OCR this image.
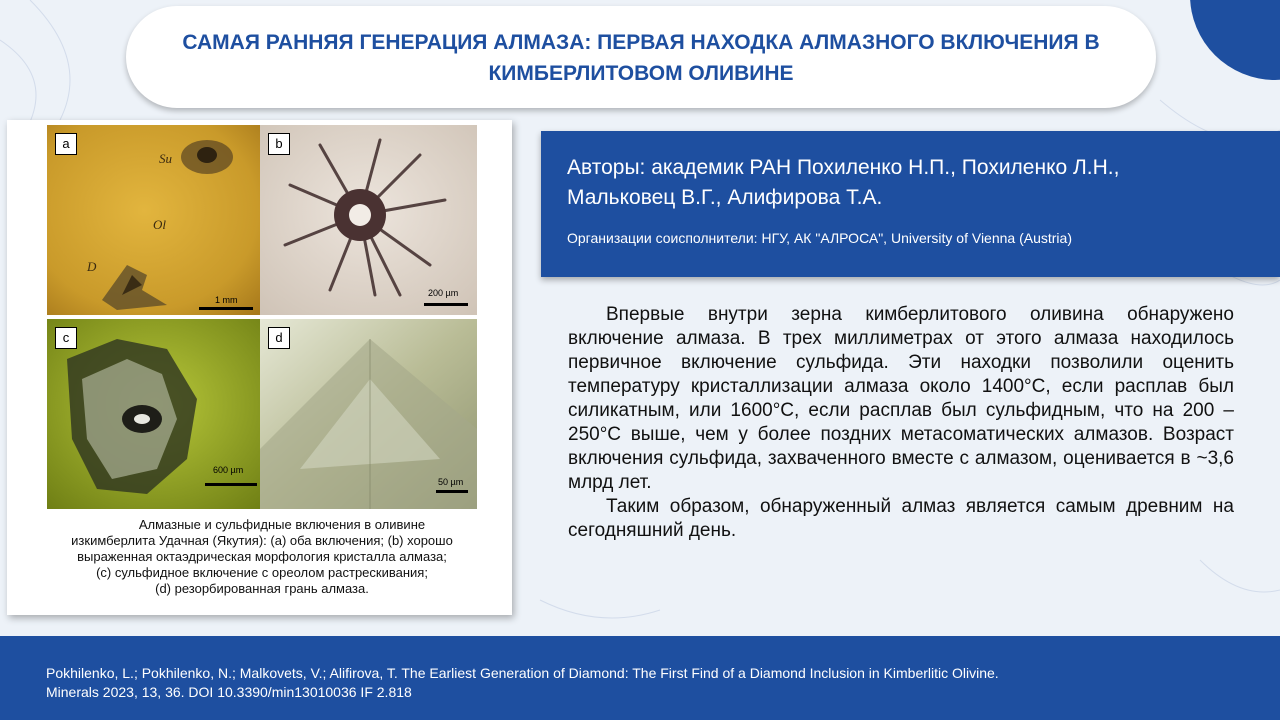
САМАЯ РАННЯЯ ГЕНЕРАЦИЯ АЛМАЗА: ПЕРВАЯ НАХОДКА АЛМАЗНОГО ВКЛЮЧЕНИЯ В КИМБЕРЛИТОВОМ ОЛИВИНЕ
a
Su
Ol
D
1 mm
b
200 µm
c
600 µm
d
50 µm
Алмазные и сульфидные включения в оливине
изкимберлита Удачная (Якутия): (а) оба включения; (b) хорошо
выраженная октаэдрическая морфология кристалла алмаза;
(c) сульфидное включение с ореолом растрескивания;
(d) резорбированная грань алмаза.
Авторы: академик РАН Похиленко Н.П., Похиленко Л.Н.,
Мальковец В.Г., Алифирова Т.А.
Организации соисполнители: НГУ, АК "АЛРОСА", University of Vienna (Austria)

Впервые внутри зерна кимберлитового оливина обнаружено включение алмаза. В трех миллиметрах от этого алмаза находилось первичное включение сульфида. Эти находки позволили оценить температуру кристаллизации алмаза около 1400°С, если расплав был силикатным, или 1600°С, если расплав был сульфидным, что на 200 – 250°С выше, чем у более поздних метасоматических алмазов. Возраст включения сульфида, захваченного вместе с алмазом, оценивается в ~3,6 млрд лет.

Таким образом, обнаруженный алмаз является самым древним на сегодняшний день.

Pokhilenko, L.; Pokhilenko, N.; Malkovets, V.; Alifirova, T. The Earliest Generation of Diamond: The First Find of a Diamond Inclusion in Kimberlitic Olivine.
Minerals 2023, 13, 36. DOI 10.3390/min13010036 IF 2.818
